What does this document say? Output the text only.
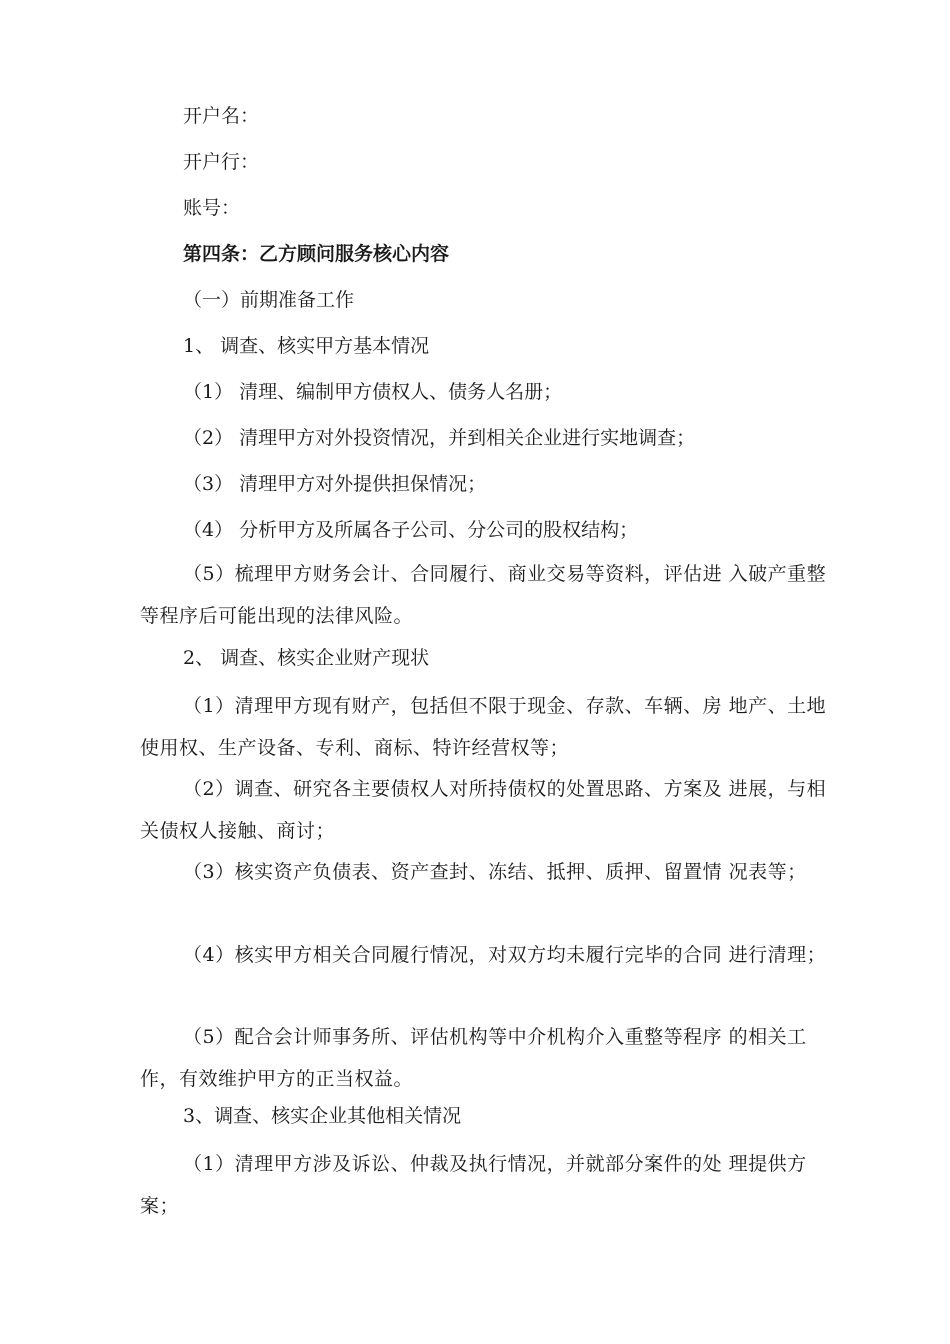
开户名：
开户行：
账号：
第四条：乙方顾问服务核心内容
（一）前期准备工作
1、 调查、核实甲方基本情况
（1） 清理、编制甲方债权人、债务人名册；
（2） 清理甲方对外投资情况，并到相关企业进行实地调查；
（3） 清理甲方对外提供担保情况；
（4） 分析甲方及所属各子公司、分公司的股权结构；
（5）梳理甲方财务会计、合同履行、商业交易等资料，评估进 入破产重整等程序后可能出现的法律风险。
2、 调查、核实企业财产现状
（1）清理甲方现有财产，包括但不限于现金、存款、车辆、房 地产、土地使用权、生产设备、专利、商标、特许经营权等；
（2）调查、研究各主要债权人对所持债权的处置思路、方案及 进展，与相关债权人接触、商讨；
（3）核实资产负债表、资产查封、冻结、抵押、质押、留置情 况表等；
（4）核实甲方相关合同履行情况，对双方均未履行完毕的合同 进行清理；
（5）配合会计师事务所、评估机构等中介机构介入重整等程序 的相关工作，有效维护甲方的正当权益。
3、调查、核实企业其他相关情况
（1）清理甲方涉及诉讼、仲裁及执行情况，并就部分案件的处 理提供方案；
